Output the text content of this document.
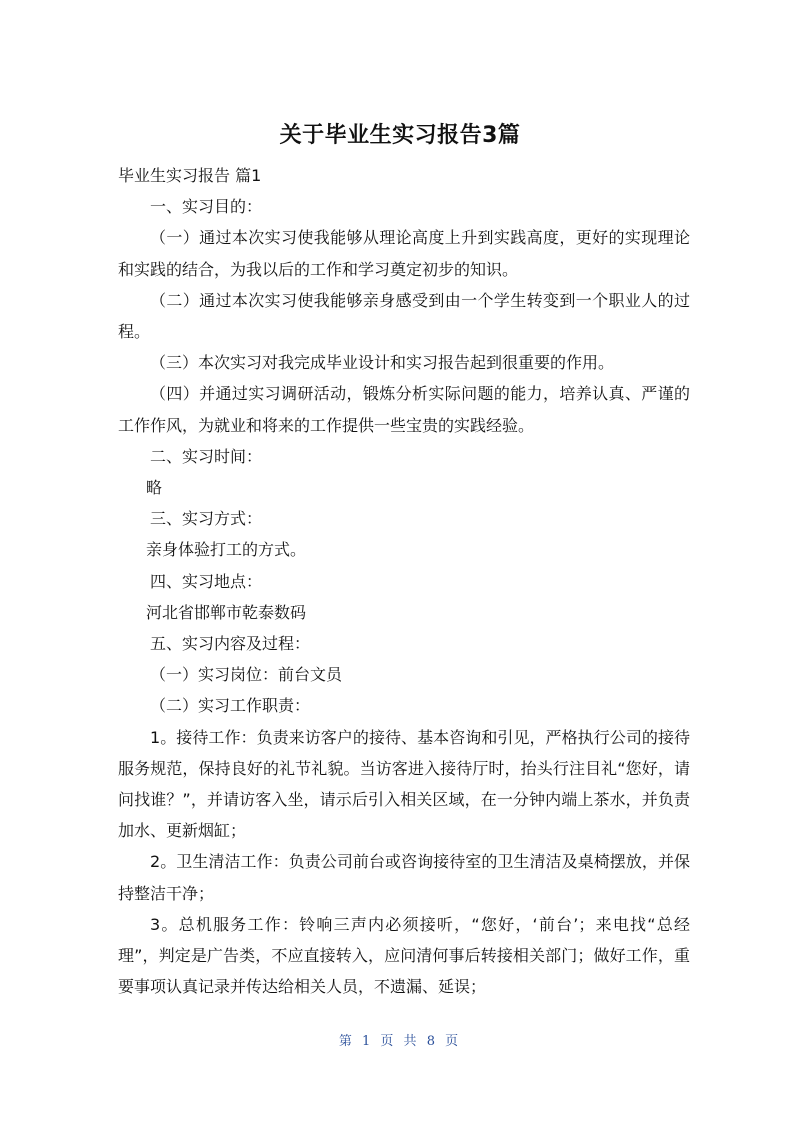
关于毕业生实习报告3篇

毕业生实习报告 篇1

一、实习目的：

（一）通过本次实习使我能够从理论高度上升到实践高度，更好的实现理论和实践的结合，为我以后的工作和学习奠定初步的知识。

（二）通过本次实习使我能够亲身感受到由一个学生转变到一个职业人的过程。

（三）本次实习对我完成毕业设计和实习报告起到很重要的作用。

（四）并通过实习调研活动，锻炼分析实际问题的能力，培养认真、严谨的工作作风，为就业和将来的工作提供一些宝贵的实践经验。

二、实习时间：

略

三、实习方式：

亲身体验打工的方式。

四、实习地点：

河北省邯郸市乾泰数码

五、实习内容及过程：

（一）实习岗位：前台文员

（二）实习工作职责：

1。接待工作：负责来访客户的接待、基本咨询和引见，严格执行公司的接待服务规范，保持良好的礼节礼貌。当访客进入接待厅时，抬头行注目礼“您好，请问找谁？”，并请访客入坐，请示后引入相关区域，在一分钟内端上茶水，并负责加水、更新烟缸；

2。卫生清洁工作：负责公司前台或咨询接待室的卫生清洁及桌椅摆放，并保持整洁干净；

3。总机服务工作：铃响三声内必须接听，“您好，‘前台’；来电找“总经理”，判定是广告类，不应直接转入，应问清何事后转接相关部门；做好工作，重要事项认真记录并传达给相关人员，不遗漏、延误；

第 1 页 共 8 页
